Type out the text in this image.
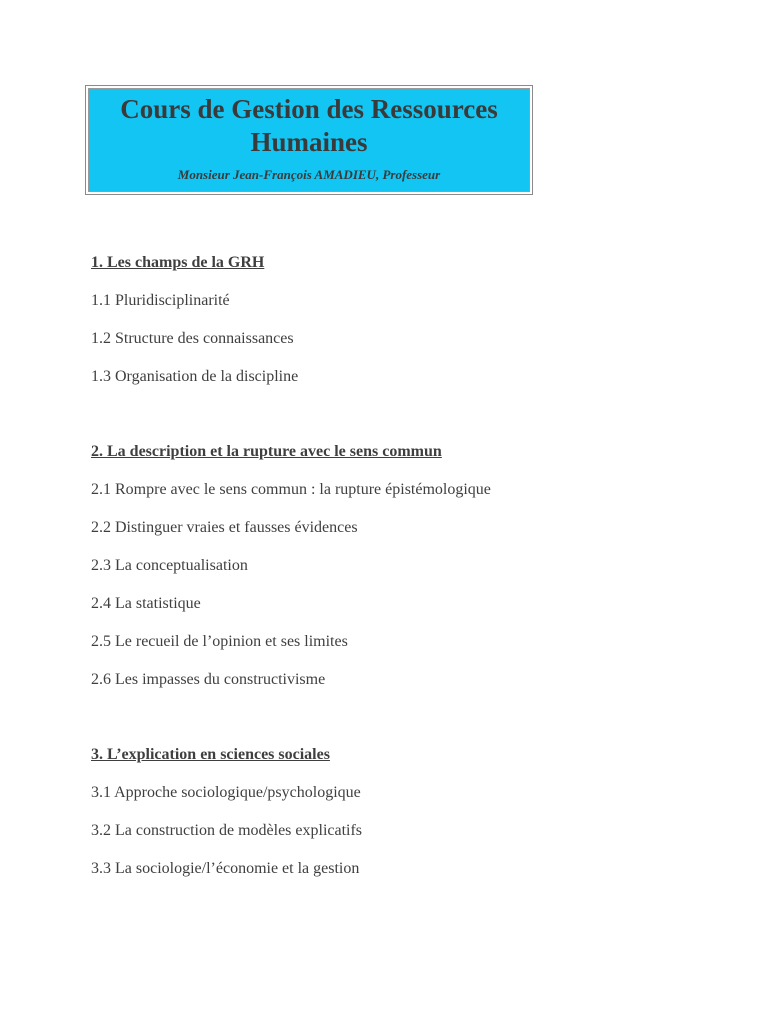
Cours de Gestion des Ressources Humaines
Monsieur Jean-François AMADIEU, Professeur
1. Les champs de la GRH
1.1 Pluridisciplinarité
1.2 Structure des connaissances
1.3 Organisation de la discipline
2. La description et la rupture avec le sens commun
2.1 Rompre avec le sens commun : la rupture épistémologique
2.2 Distinguer vraies et fausses évidences
2.3 La conceptualisation
2.4 La statistique
2.5 Le recueil de l’opinion et ses limites
2.6 Les impasses du constructivisme
3. L’explication en sciences sociales
3.1 Approche sociologique/psychologique
3.2 La construction de modèles explicatifs
3.3 La sociologie/l’économie et la gestion
